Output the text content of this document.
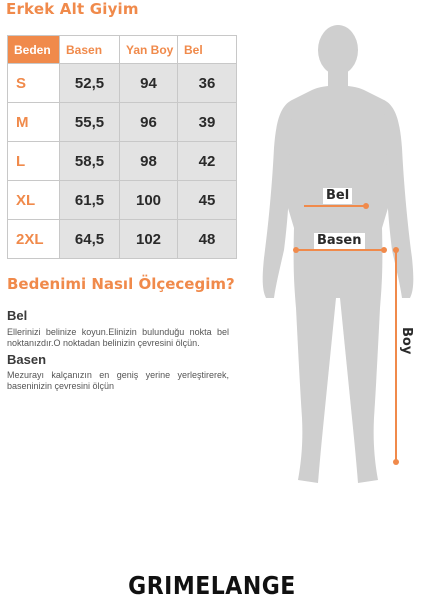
Erkek Alt Giyim
Beden	Basen	Yan Boy	Bel
S	52,5	94	36
M	55,5	96	39
L	58,5	98	42
XL	61,5	100	45
2XL	64,5	102	48
Bedenimi Nasıl Ölçecegim?
Bel
Ellerinizi belinize koyun.Elinizin bulunduğu nokta bel noktanızdır.O noktadan belinizin çevresini ölçün.
Basen
Mezurayı kalçanızın en geniş yerine yerleştirerek, baseninizin çevresini ölçün
Bel
Basen
Boy
GRIMELANGE
